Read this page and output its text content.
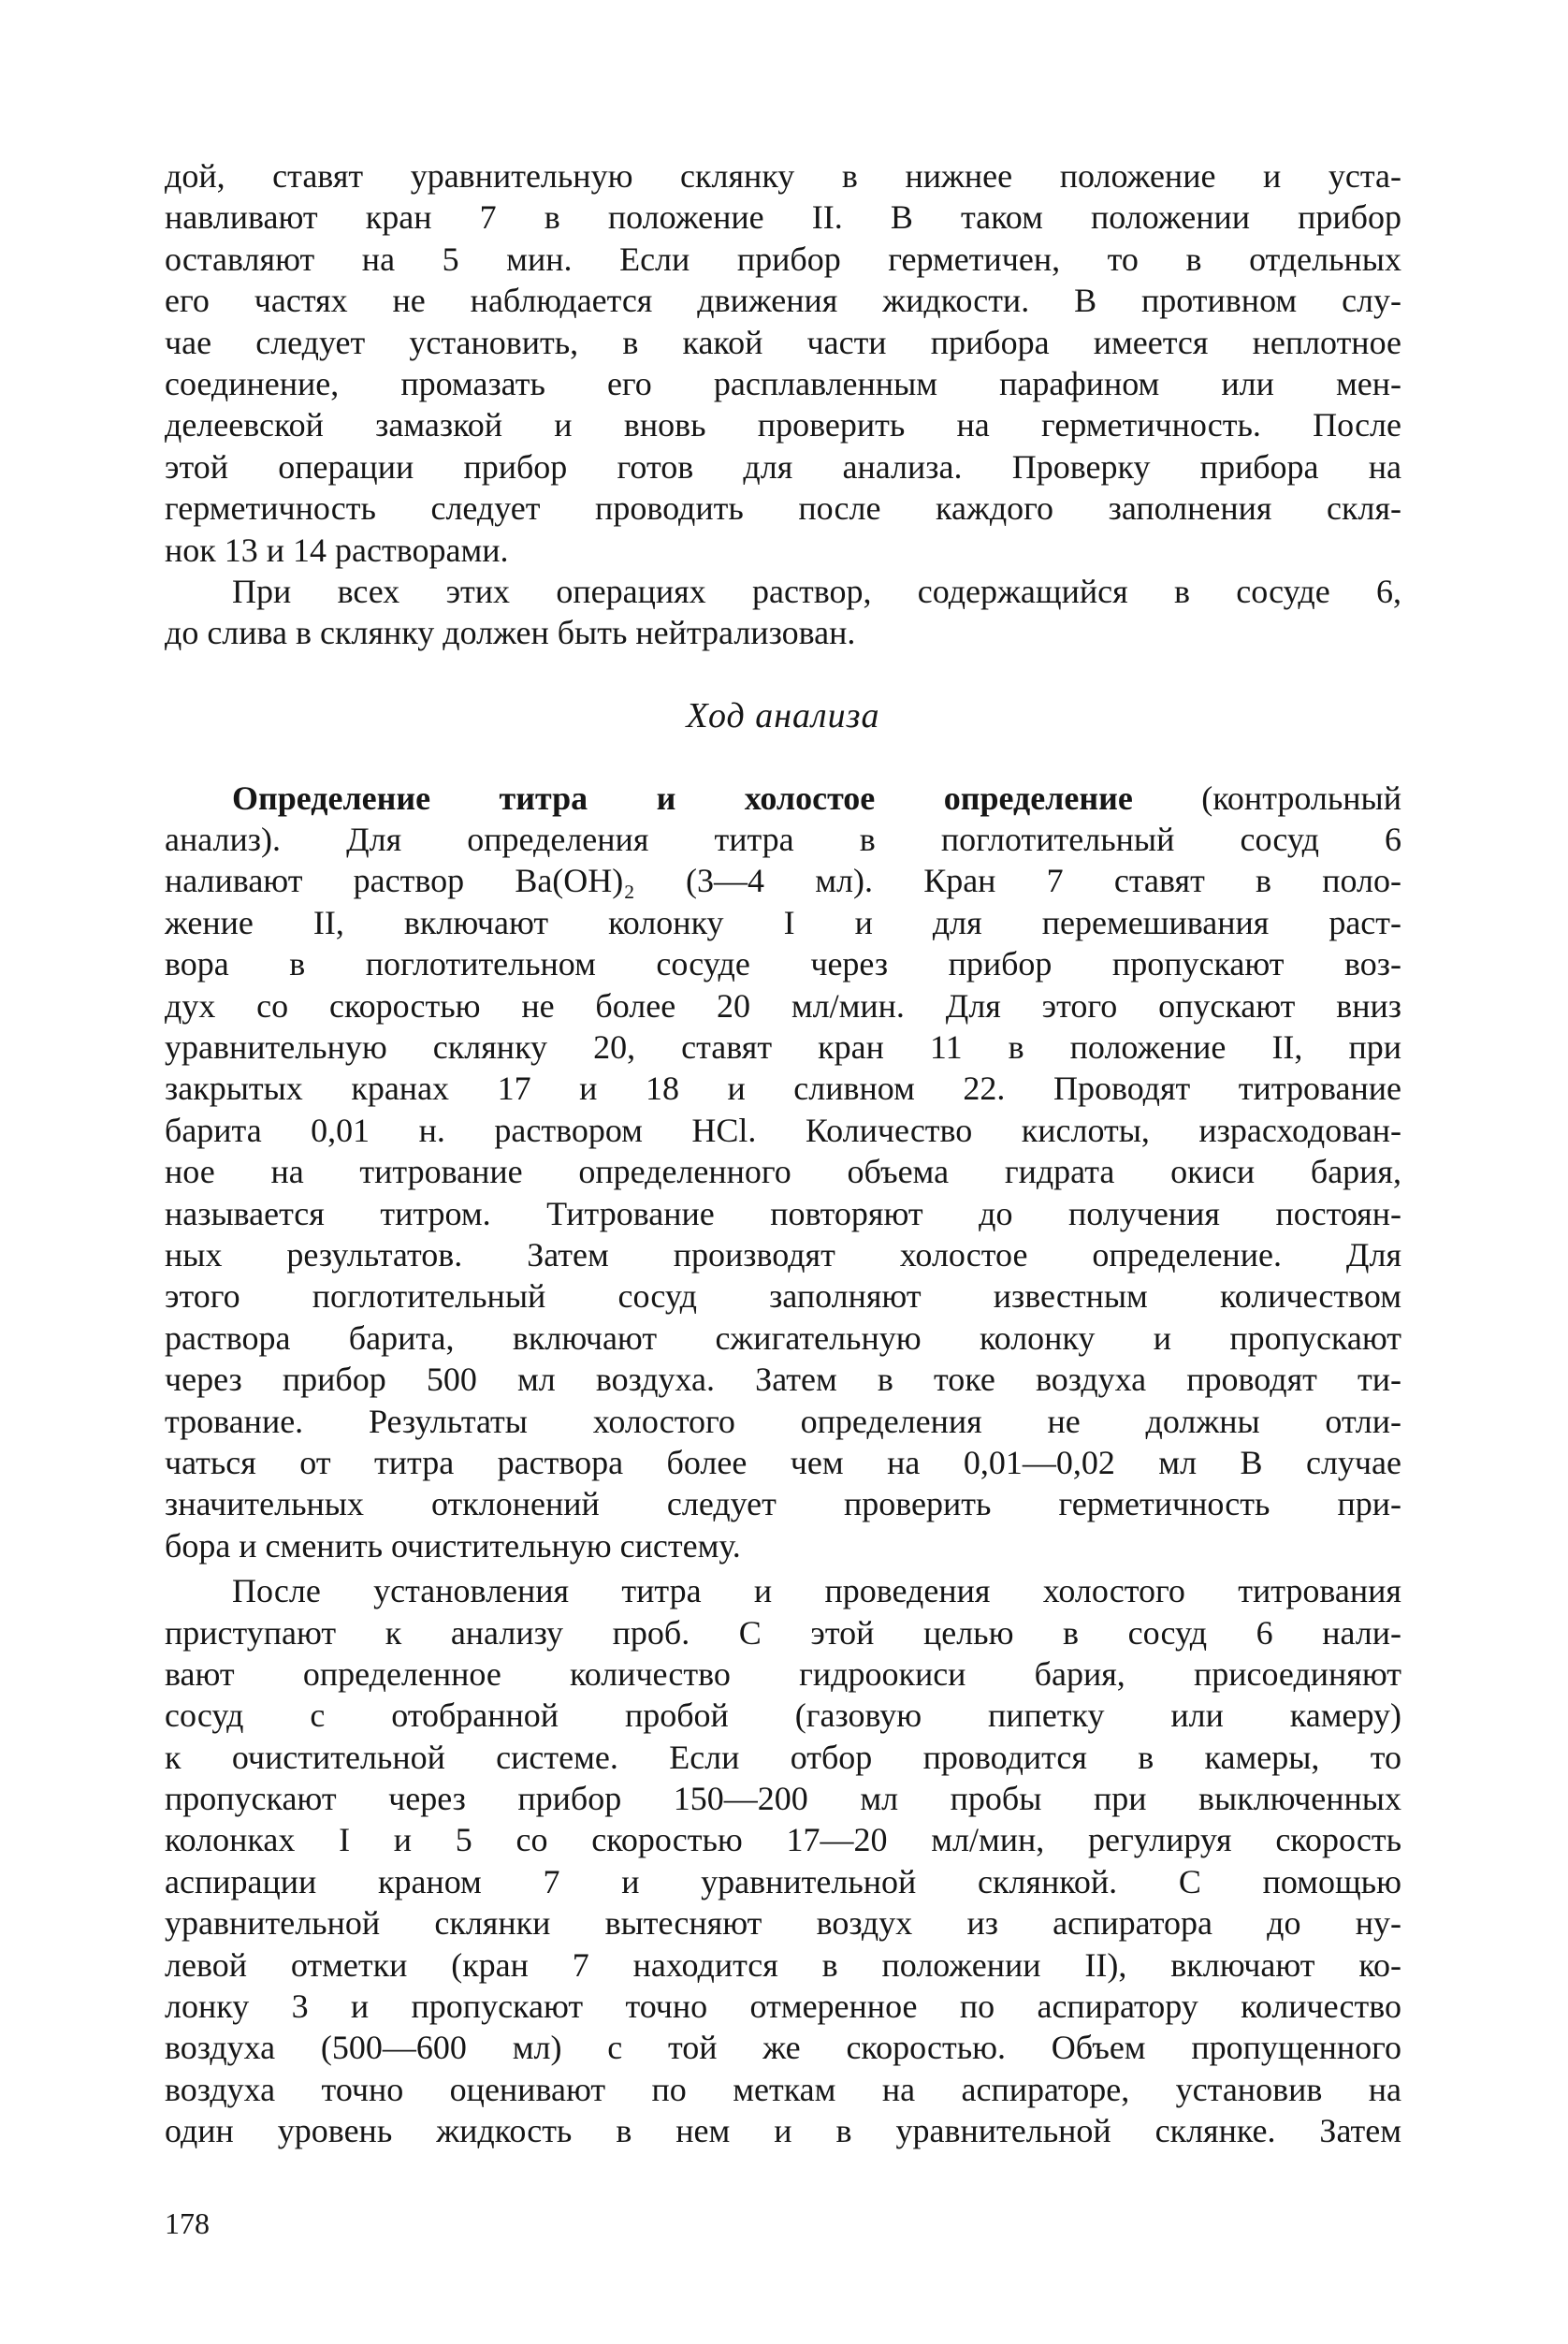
дой, ставят уравнительную склянку в нижнее положение и уста-
навливают кран 7 в положение II. В таком положении прибор
оставляют на 5 мин. Если прибор герметичен, то в отдельных
его частях не наблюдается движения жидкости. В противном слу-
чае следует установить, в какой части прибора имеется неплотное
соединение, промазать его расплавленным парафином или мен-
делеевской замазкой и вновь проверить на герметичность. После
этой операции прибор готов для анализа. Проверку прибора на
герметичность следует проводить после каждого заполнения скля-
нок 13 и 14 растворами.
При всех этих операциях раствор, содержащийся в сосуде 6,
до слива в склянку должен быть нейтрализован.
Ход анализа
Определение титра и холостое определение (контрольный
анализ). Для определения титра в поглотительный сосуд 6
наливают раствор Ba(OH)₂ (3—4 мл). Кран 7 ставят в поло-
жение II, включают колонку I и для перемешивания раст-
вора в поглотительном сосуде через прибор пропускают воз-
дух со скоростью не более 20 мл/мин. Для этого опускают вниз
уравнительную склянку 20, ставят кран 11 в положение II, при
закрытых кранах 17 и 18 и сливном 22. Проводят титрование
барита 0,01 н. раствором HCl. Количество кислоты, израсходован-
ное на титрование определенного объема гидрата окиси бария,
называется титром. Титрование повторяют до получения постоян-
ных результатов. Затем производят холостое определение. Для
этого поглотительный сосуд заполняют известным количеством
раствора барита, включают сжигательную колонку и пропускают
через прибор 500 мл воздуха. Затем в токе воздуха проводят ти-
трование. Результаты холостого определения не должны отли-
чаться от титра раствора более чем на 0,01—0,02 мл В случае
значительных отклонений следует проверить герметичность при-
бора и сменить очистительную систему.
После установления титра и проведения холостого титрования
приступают к анализу проб. С этой целью в сосуд 6 нали-
вают определенное количество гидроокиси бария, присоединяют
сосуд с отобранной пробой (газовую пипетку или камеру)
к очистительной системе. Если отбор проводится в камеры, то
пропускают через прибор 150—200 мл пробы при выключенных
колонках I и 5 со скоростью 17—20 мл/мин, регулируя скорость
аспирации краном 7 и уравнительной склянкой. С помощью
уравнительной склянки вытесняют воздух из аспиратора до ну-
левой отметки (кран 7 находится в положении II), включают ко-
лонку 3 и пропускают точно отмеренное по аспиратору количество
воздуха (500—600 мл) с той же скоростью. Объем пропущенного
воздуха точно оценивают по меткам на аспираторе, установив на
один уровень жидкость в нем и в уравнительной склянке. Затем
178
